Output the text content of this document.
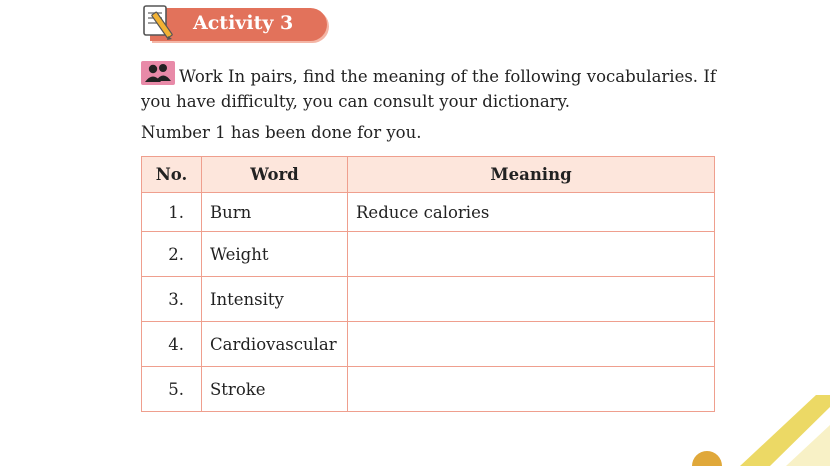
Activity 3
Work In pairs, find the meaning of the following vocabularies. If you have difficulty, you can consult your dictionary.
Number 1 has been done for you.
No.	Word	Meaning
1.	Burn	Reduce calories
2.	Weight	
3.	Intensity	
4.	Cardiovascular	
5.	Stroke	
